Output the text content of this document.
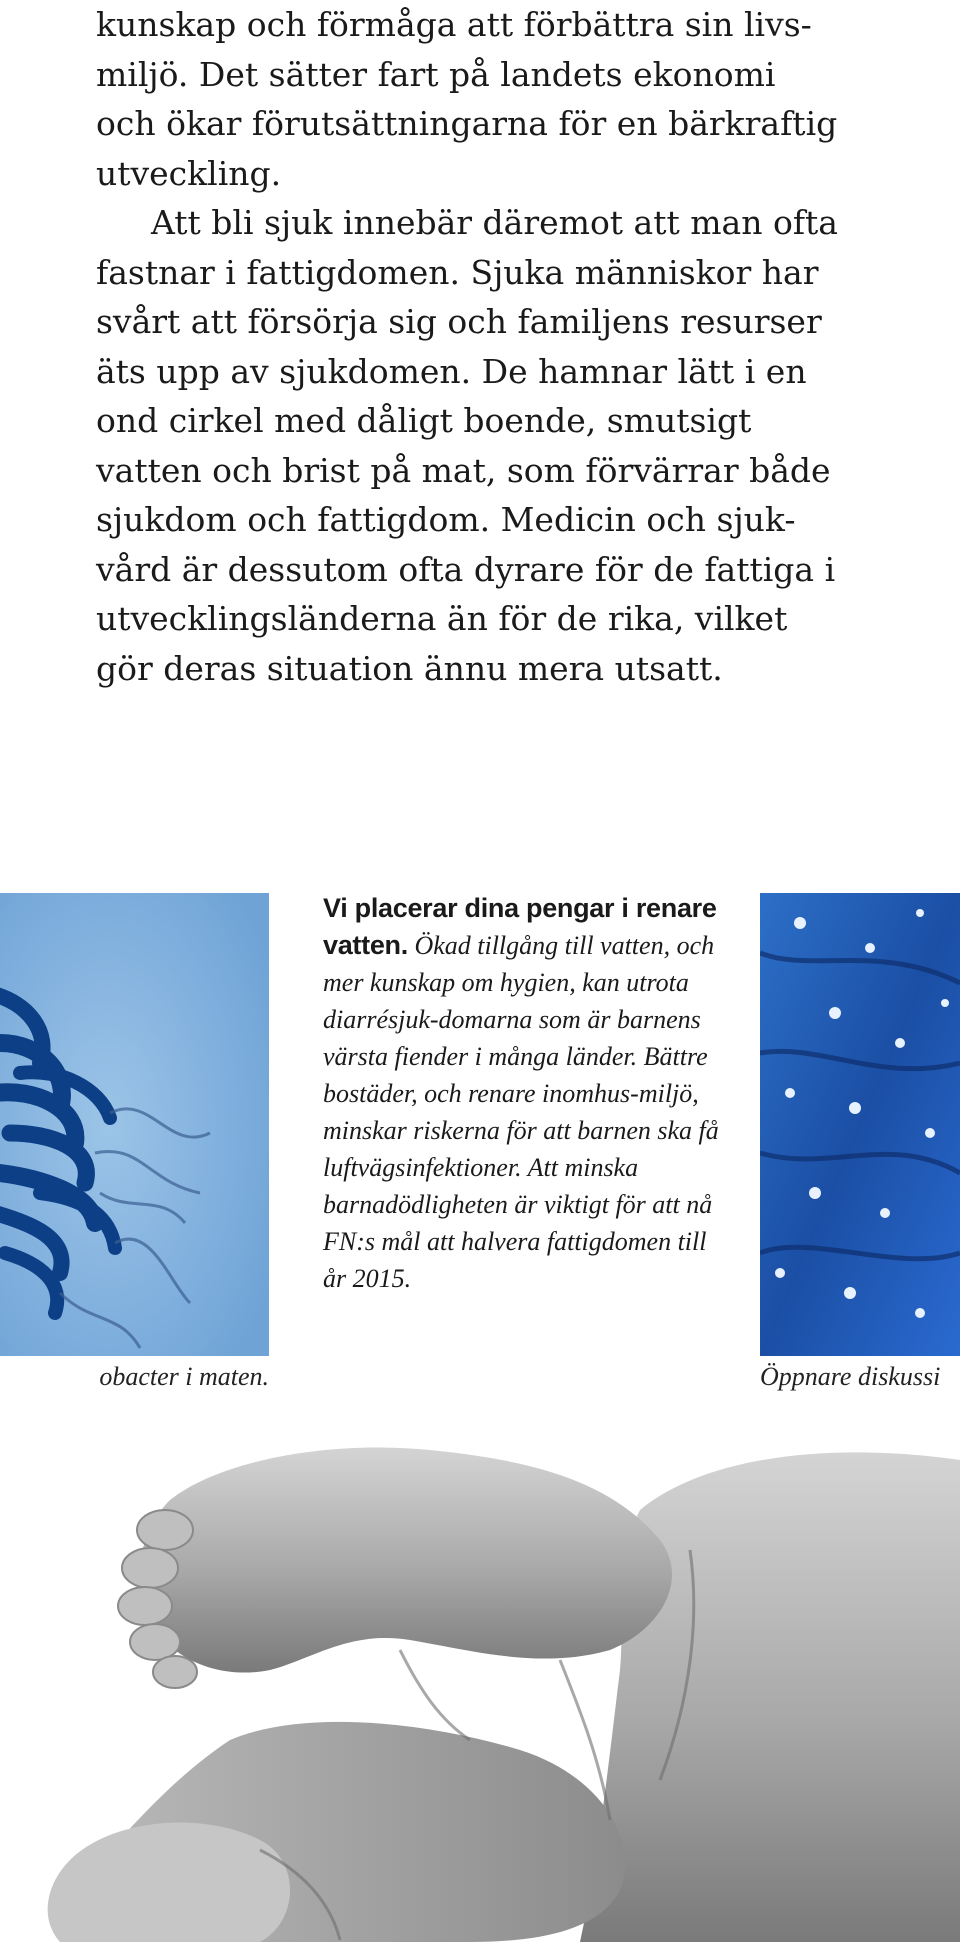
kunskap och förmåga att förbättra sin livs-
miljö. Det sätter fart på landets ekonomi
och ökar förutsättningarna för en bärkraftig
utveckling.

Att bli sjuk innebär däremot att man ofta
fastnar i fattigdomen. Sjuka människor har
svårt att försörja sig och familjens resurser
äts upp av sjukdomen. De hamnar lätt i en
ond cirkel med dåligt boende, smutsigt
vatten och brist på mat, som förvärrar både
sjukdom och fattigdom. Medicin och sjuk-
vård är dessutom ofta dyrare för de fattiga i
utvecklingsländerna än för de rika, vilket
gör deras situation ännu mera utsatt.

obacter i maten.	Öppnare diskussi
Vi placerar dina pengar i renare vatten. Ökad tillgång till vatten, och mer kunskap om hygien, kan utrota diarrésjuk-domarna som är barnens värsta fiender i många länder. Bättre bostäder, och renare inomhus-miljö, minskar riskerna för att barnen ska få luftvägsinfektioner. Att minska barnadödligheten är viktigt för att nå FN:s mål att halvera fattigdomen till år 2015.
